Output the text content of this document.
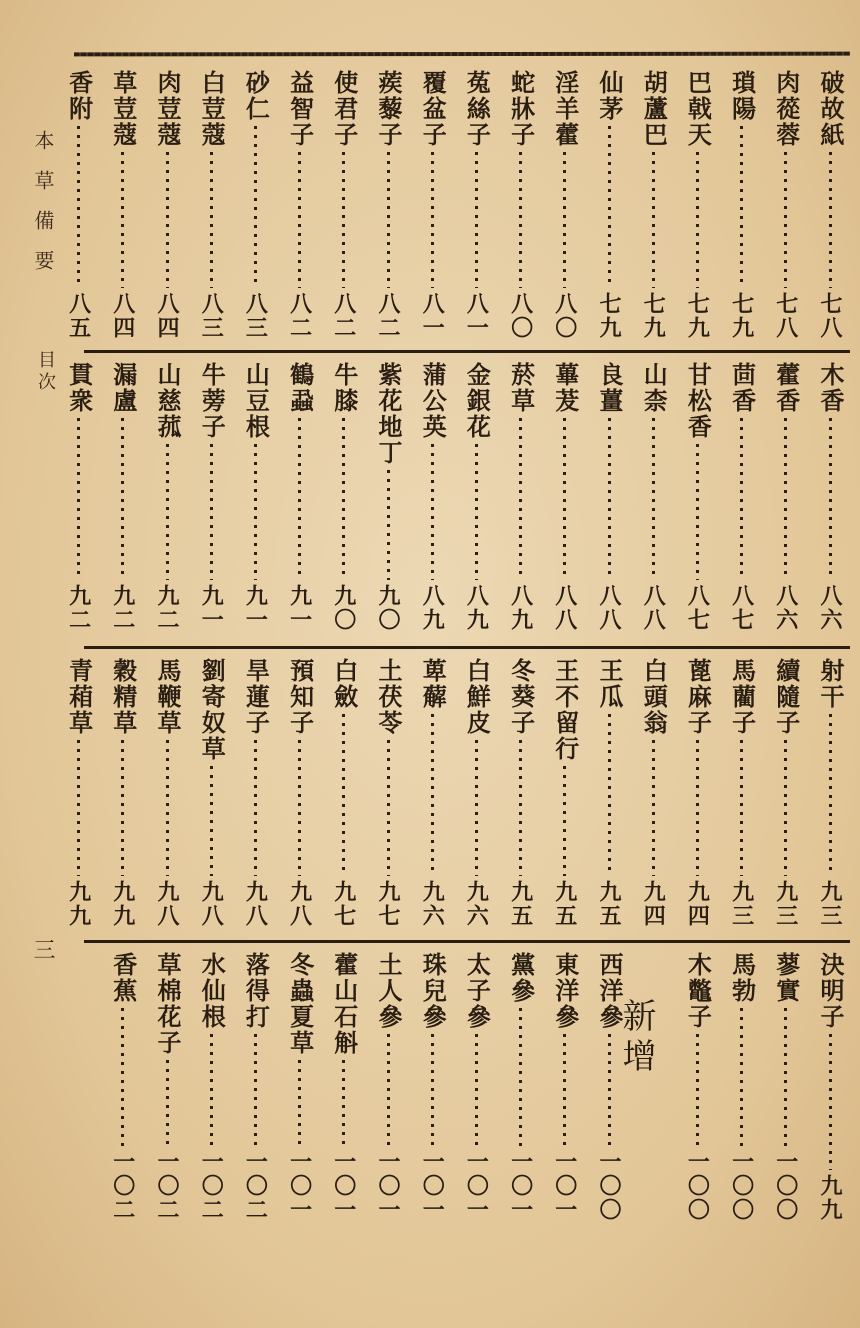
本草備要
目次
三
破故紙
七八
肉蓯蓉
七八
瑣陽
七九
巴戟天
七九
胡蘆巴
七九
仙茅
七九
淫羊藿
八〇
蛇牀子
八〇
菟絲子
八一
覆盆子
八一
蒺藜子
八二
使君子
八二
益智子
八二
砂仁
八三
白荳蔻
八三
肉荳蔻
八四
草荳蔻
八四
香附
八五
木香
八六
藿香
八六
茴香
八七
甘松香
八七
山柰
八八
良薑
八八
蓽茇
八八
菸草
八九
金銀花
八九
蒲公英
八九
紫花地丁
九〇
牛膝
九〇
鶴蝨
九一
山豆根
九一
牛蒡子
九一
山慈菰
九二
漏盧
九二
貫衆
九二
射干
九三
續隨子
九三
馬藺子
九三
蓖麻子
九四
白頭翁
九四
王瓜
九五
王不留行
九五
冬葵子
九五
白鮮皮
九六
萆薢
九六
土茯苓
九七
白斂
九七
預知子
九八
旱蓮子
九八
劉寄奴草
九八
馬鞭草
九八
穀精草
九九
青葙草
九九
決明子
九九
蓼實
一〇〇
馬勃
一〇〇
木鼈子
一〇〇
西洋參
一〇〇
東洋參
一〇一
黨參
一〇一
太子參
一〇一
珠兒參
一〇一
土人參
一〇一
藿山石斛
一〇一
冬蟲夏草
一〇一
落得打
一〇二
水仙根
一〇二
草棉花子
一〇二
香蕉
一〇二
新增
